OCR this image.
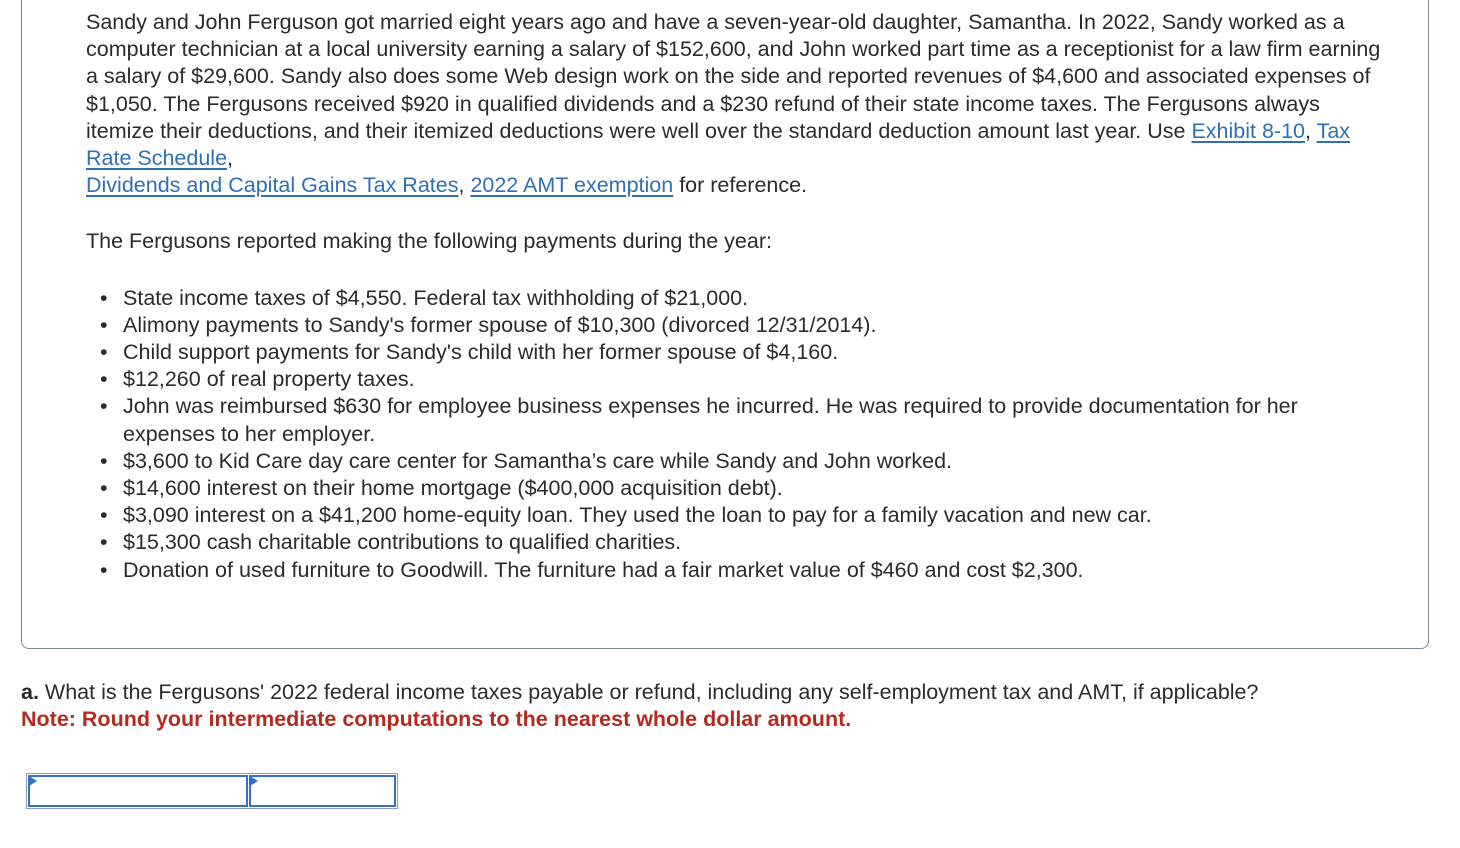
Sandy and John Ferguson got married eight years ago and have a seven-year-old daughter, Samantha. In 2022, Sandy worked as a computer technician at a local university earning a salary of $152,600, and John worked part time as a receptionist for a law firm earning a salary of $29,600. Sandy also does some Web design work on the side and reported revenues of $4,600 and associated expenses of $1,050. The Fergusons received $920 in qualified dividends and a $230 refund of their state income taxes. The Fergusons always itemize their deductions, and their itemized deductions were well over the standard deduction amount last year. Use Exhibit 8-10, Tax Rate Schedule,
Dividends and Capital Gains Tax Rates, 2022 AMT exemption for reference.

The Fergusons reported making the following payments during the year:

• State income taxes of $4,550. Federal tax withholding of $21,000.
• Alimony payments to Sandy's former spouse of $10,300 (divorced 12/31/2014).
• Child support payments for Sandy's child with her former spouse of $4,160.
• $12,260 of real property taxes.
• John was reimbursed $630 for employee business expenses he incurred. He was required to provide documentation for her expenses to her employer.
• $3,600 to Kid Care day care center for Samantha’s care while Sandy and John worked.
• $14,600 interest on their home mortgage ($400,000 acquisition debt).
• $3,090 interest on a $41,200 home-equity loan. They used the loan to pay for a family vacation and new car.
• $15,300 cash charitable contributions to qualified charities.
• Donation of used furniture to Goodwill. The furniture had a fair market value of $460 and cost $2,300.

a. What is the Fergusons' 2022 federal income taxes payable or refund, including any self-employment tax and AMT, if applicable?

Note: Round your intermediate computations to the nearest whole dollar amount.
